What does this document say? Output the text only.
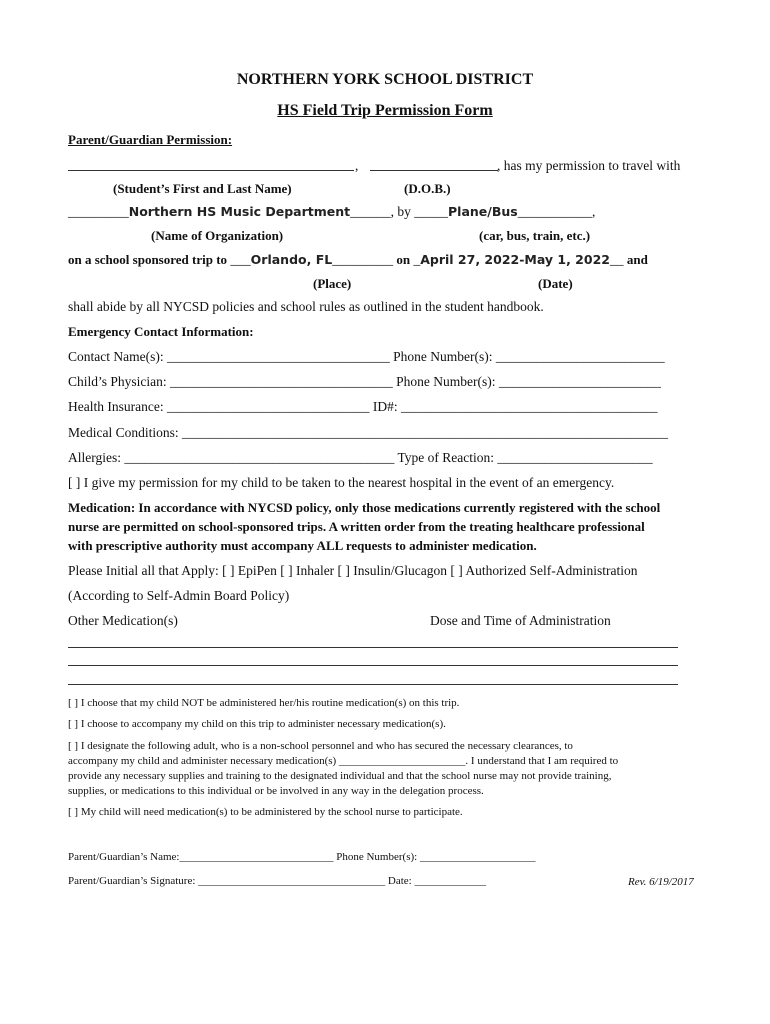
NORTHERN YORK SCHOOL DISTRICT
HS Field Trip Permission Form
Parent/Guardian Permission:
,	, has my permission to travel with
(Student’s First and Last Name)	(D.O.B.)
_________Northern HS Music Department______, by _____Plane/Bus___________,
(Name of Organization)	(car, bus, train, etc.)
on a school sponsored trip to ___Orlando, FL_________ on _April 27, 2022-May 1, 2022__ and
(Place)	(Date)
shall abide by all NYCSD policies and school rules as outlined in the student handbook.
Emergency Contact Information:
Contact Name(s): _________________________________ Phone Number(s): _________________________
Child’s Physician: _________________________________ Phone Number(s): ________________________
Health Insurance: ______________________________ ID#: ______________________________________
Medical Conditions: ________________________________________________________________________
Allergies: ________________________________________ Type of Reaction: _______________________
[ ] I give my permission for my child to be taken to the nearest hospital in the event of an emergency.
Medication: In accordance with NYCSD policy, only those medications currently registered with the school
nurse are permitted on school-sponsored trips. A written order from the treating healthcare professional
with prescriptive authority must accompany ALL requests to administer medication.
Please Initial all that Apply: [ ] EpiPen [ ] Inhaler [ ] Insulin/Glucagon [ ] Authorized Self-Administration
(According to Self-Admin Board Policy)
Other Medication(s)	Dose and Time of Administration
[ ] I choose that my child NOT be administered her/his routine medication(s) on this trip.
[ ] I choose to accompany my child on this trip to administer necessary medication(s).
[ ] I designate the following adult, who is a non-school personnel and who has secured the necessary clearances, to
accompany my child and administer necessary medication(s) _______________________. I understand that I am required to
provide any necessary supplies and training to the designated individual and that the school nurse may not provide training,
supplies, or medications to this individual or be involved in any way in the delegation process.
[ ] My child will need medication(s) to be administered by the school nurse to participate.
Parent/Guardian’s Name:____________________________ Phone Number(s): _____________________
Parent/Guardian’s Signature: __________________________________ Date: _____________	Rev. 6/19/2017
